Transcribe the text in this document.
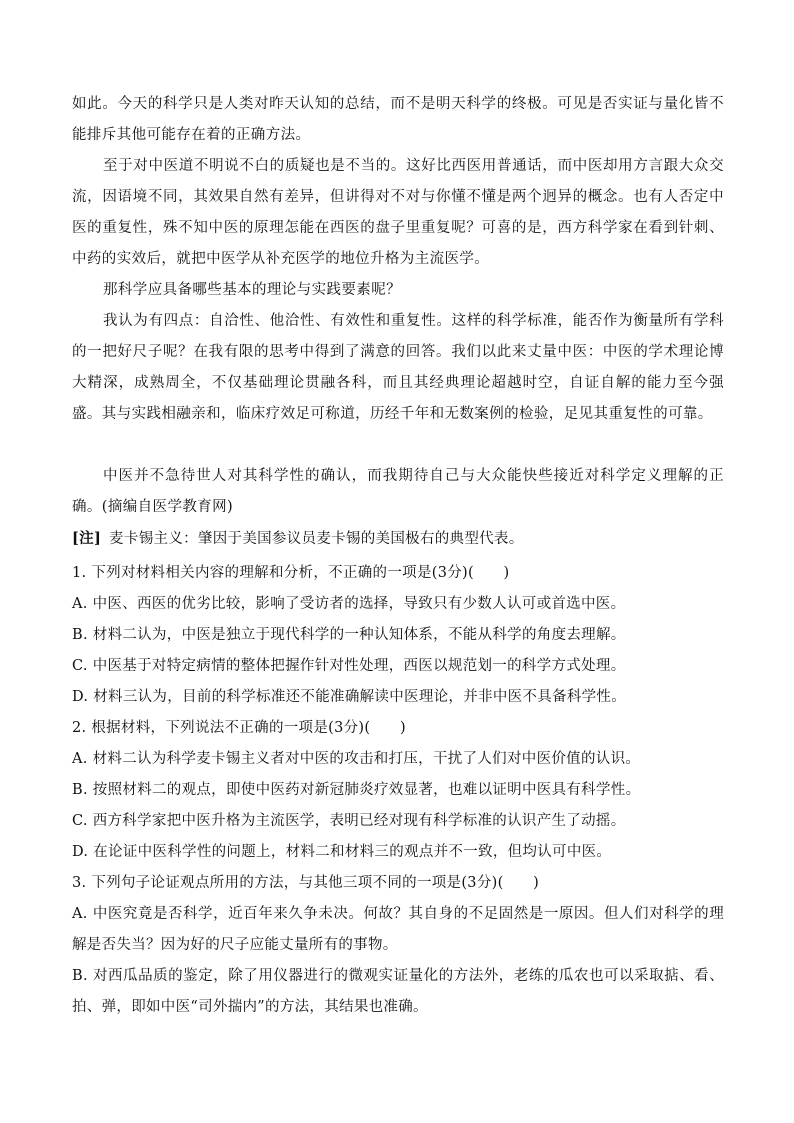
如此。今天的科学只是人类对昨天认知的总结，而不是明天科学的终极。可见是否实证与量化皆不能排斥其他可能存在着的正确方法。

至于对中医道不明说不白的质疑也是不当的。这好比西医用普通话，而中医却用方言跟大众交流，因语境不同，其效果自然有差异，但讲得对不对与你懂不懂是两个迥异的概念。也有人否定中医的重复性，殊不知中医的原理怎能在西医的盘子里重复呢？可喜的是，西方科学家在看到针刺、中药的实效后，就把中医学从补充医学的地位升格为主流医学。

那科学应具备哪些基本的理论与实践要素呢？

我认为有四点：自洽性、他洽性、有效性和重复性。这样的科学标准，能否作为衡量所有学科的一把好尺子呢？在我有限的思考中得到了满意的回答。我们以此来丈量中医：中医的学术理论博大精深，成熟周全，不仅基础理论贯融各科，而且其经典理论超越时空，自证自解的能力至今强盛。其与实践相融亲和，临床疗效足可称道，历经千年和无数案例的检验，足见其重复性的可靠。

中医并不急待世人对其科学性的确认，而我期待自己与大众能快些接近对科学定义理解的正确。(摘编自医学教育网)

[注] 麦卡锡主义：肇因于美国参议员麦卡锡的美国极右的典型代表。

1. 下列对材料相关内容的理解和分析，不正确的一项是(3分)(　　)

A. 中医、西医的优劣比较，影响了受访者的选择，导致只有少数人认可或首选中医。

B. 材料二认为，中医是独立于现代科学的一种认知体系，不能从科学的角度去理解。

C. 中医基于对特定病情的整体把握作针对性处理，西医以规范划一的科学方式处理。

D. 材料三认为，目前的科学标准还不能准确解读中医理论，并非中医不具备科学性。

2. 根据材料，下列说法不正确的一项是(3分)(　　)

A. 材料二认为科学麦卡锡主义者对中医的攻击和打压，干扰了人们对中医价值的认识。

B. 按照材料二的观点，即使中医药对新冠肺炎疗效显著，也难以证明中医具有科学性。

C. 西方科学家把中医升格为主流医学，表明已经对现有科学标准的认识产生了动摇。

D. 在论证中医科学性的问题上，材料二和材料三的观点并不一致，但均认可中医。

3. 下列句子论证观点所用的方法，与其他三项不同的一项是(3分)(　　)

A. 中医究竟是否科学，近百年来久争未决。何故？其自身的不足固然是一原因。但人们对科学的理解是否失当？因为好的尺子应能丈量所有的事物。

B. 对西瓜品质的鉴定，除了用仪器进行的微观实证量化的方法外，老练的瓜农也可以采取掂、看、拍、弹，即如中医“司外揣内”的方法，其结果也准确。
